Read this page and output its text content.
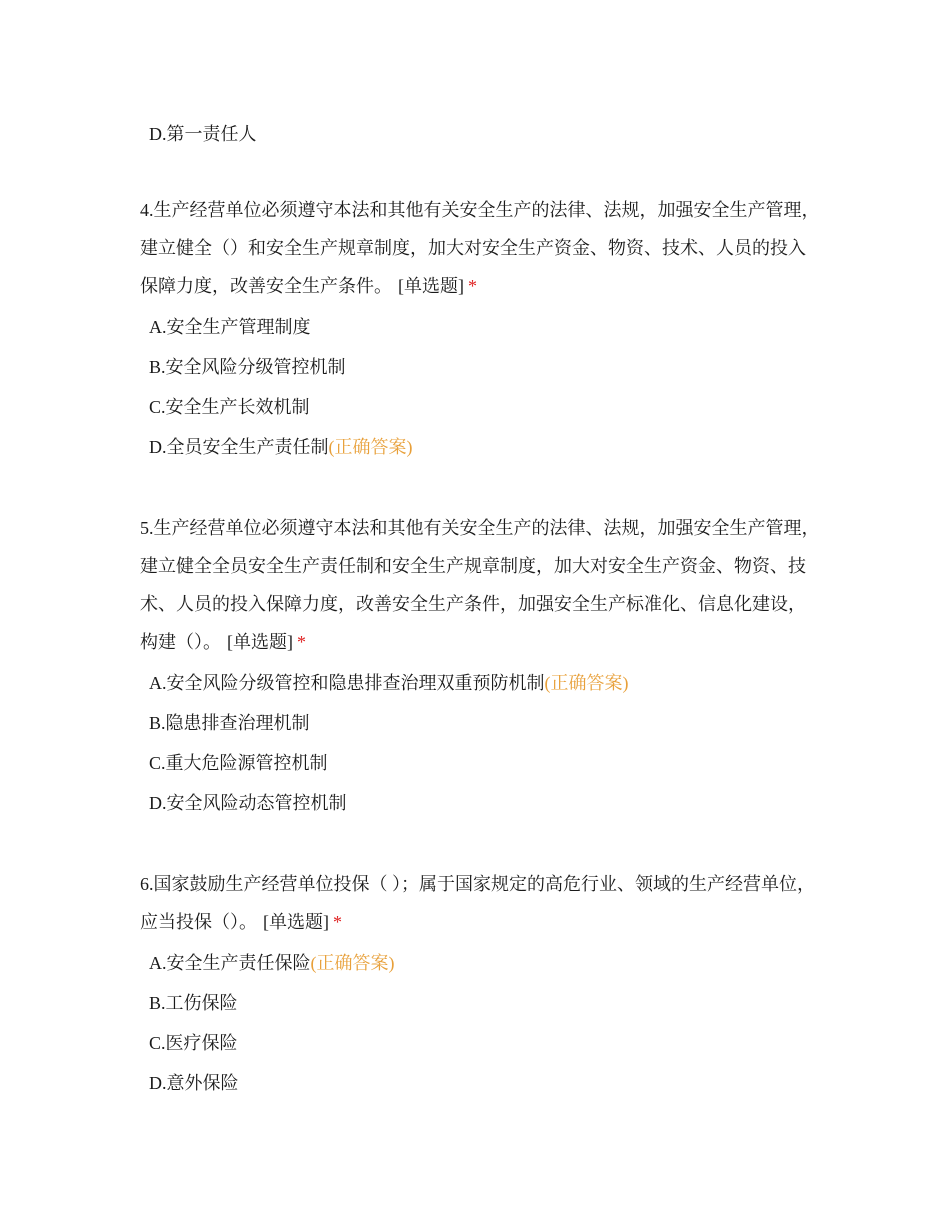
D.第一责任人

4.生产经营单位必须遵守本法和其他有关安全生产的法律、法规，加强安全生产管理，建立健全（）和安全生产规章制度，加大对安全生产资金、物资、技术、人员的投入保障力度，改善安全生产条件。 [单选题] *

A.安全生产管理制度
B.安全风险分级管控机制
C.安全生产长效机制
D.全员安全生产责任制(正确答案)

5.生产经营单位必须遵守本法和其他有关安全生产的法律、法规，加强安全生产管理，建立健全全员安全生产责任制和安全生产规章制度，加大对安全生产资金、物资、技术、人员的投入保障力度，改善安全生产条件，加强安全生产标准化、信息化建设，构建（）。 [单选题] *

A.安全风险分级管控和隐患排查治理双重预防机制(正确答案)
B.隐患排查治理机制
C.重大危险源管控机制
D.安全风险动态管控机制

6.国家鼓励生产经营单位投保（ ）；属于国家规定的高危行业、领域的生产经营单位，应当投保（）。 [单选题] *

A.安全生产责任保险(正确答案)
B.工伤保险
C.医疗保险
D.意外保险
